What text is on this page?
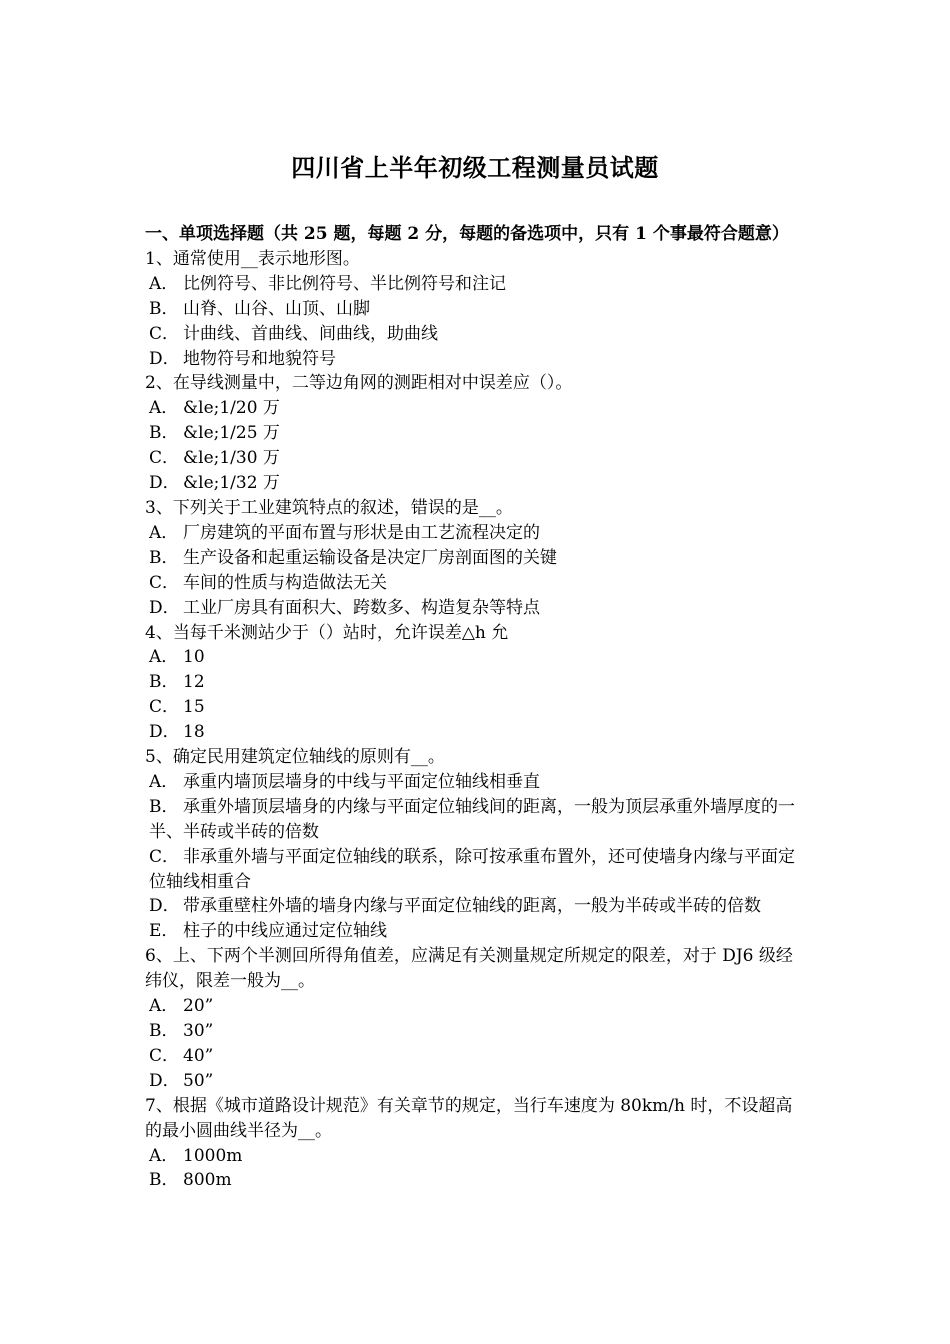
四川省上半年初级工程测量员试题
一、单项选择题（共 25 题，每题 2 分，每题的备选项中，只有 1 个事最符合题意）

1、通常使用__表示地形图。

A． 比例符号、非比例符号、半比例符号和注记

B． 山脊、山谷、山顶、山脚

C． 计曲线、首曲线、间曲线，助曲线

D． 地物符号和地貌符号

2、在导线测量中，二等边角网的测距相对中误差应（）。

A． &le;1/20 万

B． &le;1/25 万

C． &le;1/30 万

D． &le;1/32 万

3、下列关于工业建筑特点的叙述，错误的是__。

A． 厂房建筑的平面布置与形状是由工艺流程决定的

B． 生产设备和起重运输设备是决定厂房剖面图的关键

C． 车间的性质与构造做法无关

D． 工业厂房具有面积大、跨数多、构造复杂等特点

4、当每千米测站少于（）站时，允许误差△h 允

A． 10

B． 12

C． 15

D． 18

5、确定民用建筑定位轴线的原则有__。

A． 承重内墙顶层墙身的中线与平面定位轴线相垂直

B． 承重外墙顶层墙身的内缘与平面定位轴线间的距离，一般为顶层承重外墙厚度的一半、半砖或半砖的倍数

C． 非承重外墙与平面定位轴线的联系，除可按承重布置外，还可使墙身内缘与平面定位轴线相重合

D． 带承重壁柱外墙的墙身内缘与平面定位轴线的距离，一般为半砖或半砖的倍数

E． 柱子的中线应通过定位轴线

6、上、下两个半测回所得角值差，应满足有关测量规定所规定的限差，对于 DJ6 级经纬仪，限差一般为__。

A． 20”

B． 30”

C． 40”

D． 50”

7、根据《城市道路设计规范》有关章节的规定，当行车速度为 80km/h 时，不设超高的最小圆曲线半径为__。

A． 1000m

B． 800m
